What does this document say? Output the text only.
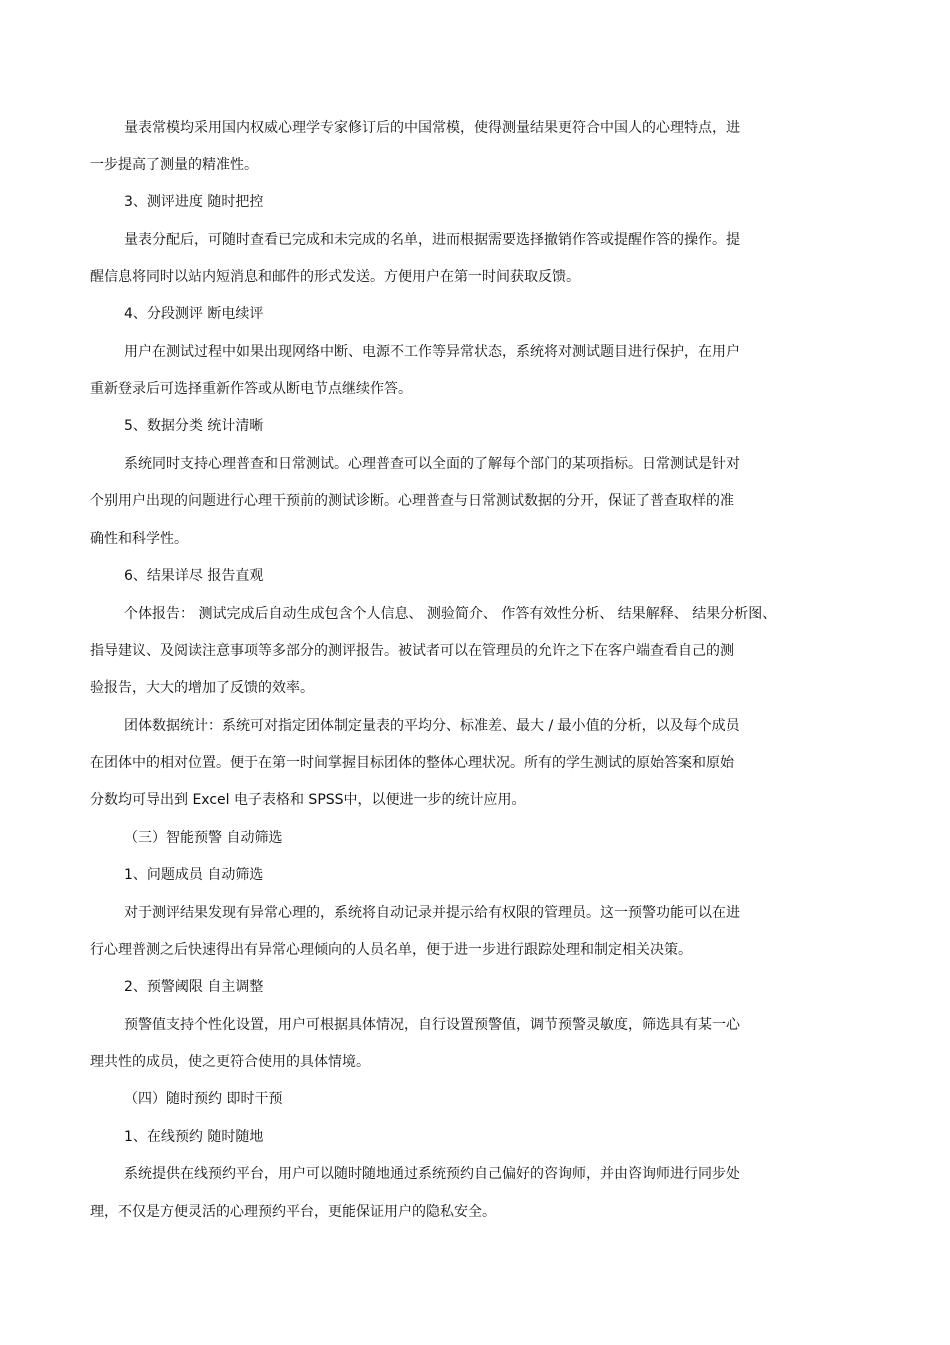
量表常模均采用国内权威心理学专家修订后的中国常模，使得测量结果更符合中国人的心理特点，进
一步提高了测量的精准性。
3、测评进度 随时把控
量表分配后，可随时查看已完成和未完成的名单，进而根据需要选择撤销作答或提醒作答的操作。提
醒信息将同时以站内短消息和邮件的形式发送。方便用户在第一时间获取反馈。
4、分段测评 断电续评
用户在测试过程中如果出现网络中断、电源不工作等异常状态，系统将对测试题目进行保护，在用户
重新登录后可选择重新作答或从断电节点继续作答。
5、数据分类 统计清晰
系统同时支持心理普查和日常测试。心理普查可以全面的了解每个部门的某项指标。日常测试是针对
个别用户出现的问题进行心理干预前的测试诊断。心理普查与日常测试数据的分开，保证了普查取样的准
确性和科学性。
6、结果详尽 报告直观
个体报告： 测试完成后自动生成包含个人信息、 测验简介、 作答有效性分析、 结果解释、 结果分析图、
指导建议、及阅读注意事项等多部分的测评报告。被试者可以在管理员的允许之下在客户端查看自己的测
验报告，大大的增加了反馈的效率。
团体数据统计：系统可对指定团体制定量表的平均分、标准差、最大 / 最小值的分析，以及每个成员
在团体中的相对位置。便于在第一时间掌握目标团体的整体心理状况。所有的学生测试的原始答案和原始
分数均可导出到 Excel 电子表格和 SPSS中，以便进一步的统计应用。
（三）智能预警 自动筛选
1、问题成员 自动筛选
对于测评结果发现有异常心理的，系统将自动记录并提示给有权限的管理员。这一预警功能可以在进
行心理普测之后快速得出有异常心理倾向的人员名单，便于进一步进行跟踪处理和制定相关决策。
2、预警阈限 自主调整
预警值支持个性化设置，用户可根据具体情况，自行设置预警值，调节预警灵敏度，筛选具有某一心
理共性的成员，使之更符合使用的具体情境。
（四）随时预约 即时干预
1、在线预约 随时随地
系统提供在线预约平台，用户可以随时随地通过系统预约自己偏好的咨询师，并由咨询师进行同步处
理，不仅是方便灵活的心理预约平台，更能保证用户的隐私安全。
